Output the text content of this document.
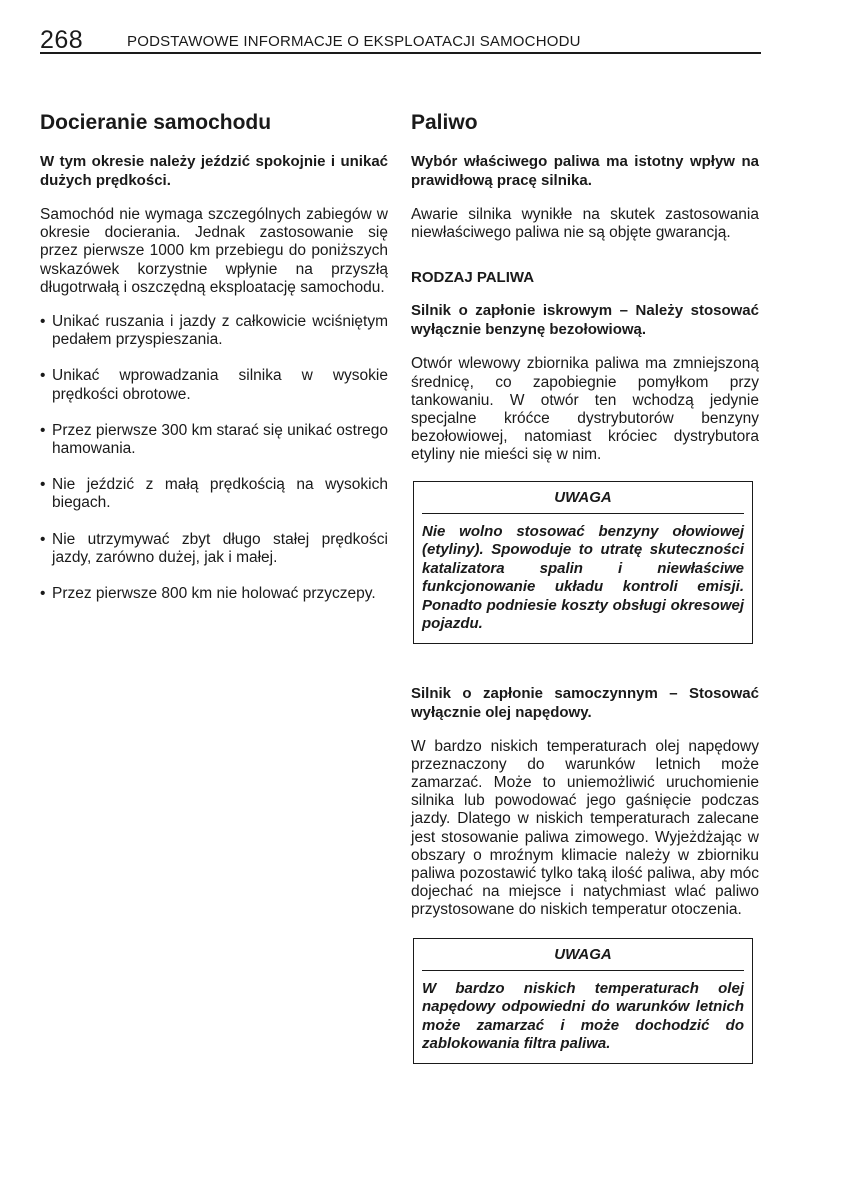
268	PODSTAWOWE INFORMACJE O EKSPLOATACJI SAMOCHODU
Docieranie samochodu

W tym okresie należy jeździć spokojnie i unikać dużych prędkości.

Samochód nie wymaga szczególnych zabiegów w okresie docierania. Jednak zastosowanie się przez pierwsze 1000 km przebiegu do poniższych wskazówek korzystnie wpłynie na przyszłą długotrwałą i oszczędną eksploatację samochodu.

• Unikać ruszania i jazdy z całkowicie wciśniętym pedałem przyspieszania.
• Unikać wprowadzania silnika w wysokie prędkości obrotowe.
• Przez pierwsze 300 km starać się unikać ostrego hamowania.
• Nie jeździć z małą prędkością na wysokich biegach.
• Nie utrzymywać zbyt długo stałej prędkości jazdy, zarówno dużej, jak i małej.
• Przez pierwsze 800 km nie holować przyczepy.
Paliwo

Wybór właściwego paliwa ma istotny wpływ na prawidłową pracę silnika.

Awarie silnika wynikłe na skutek zastosowania niewłaściwego paliwa nie są objęte gwarancją.

RODZAJ PALIWA

Silnik o zapłonie iskrowym – Należy stosować wyłącznie benzynę bezołowiową.

Otwór wlewowy zbiornika paliwa ma zmniejszoną średnicę, co zapobiegnie pomyłkom przy tankowaniu. W otwór ten wchodzą jedynie specjalne króćce dystrybutorów benzyny bezołowiowej, natomiast króciec dystrybutora etyliny nie mieści się w nim.

UWAGA
Nie wolno stosować benzyny ołowiowej (etyliny). Spowoduje to utratę skuteczności katalizatora spalin i niewłaściwe funkcjonowanie układu kontroli emisji. Ponadto podniesie koszty obsługi okresowej pojazdu.

Silnik o zapłonie samoczynnym – Stosować wyłącznie olej napędowy.

W bardzo niskich temperaturach olej napędowy przeznaczony do warunków letnich może zamarzać. Może to uniemożliwić uruchomienie silnika lub powodować jego gaśnięcie podczas jazdy. Dlatego w niskich temperaturach zalecane jest stosowanie paliwa zimowego. Wyjeżdżając w obszary o mroźnym klimacie należy w zbiorniku paliwa pozostawić tylko taką ilość paliwa, aby móc dojechać na miejsce i natychmiast wlać paliwo przystosowane do niskich temperatur otoczenia.

UWAGA
W bardzo niskich temperaturach olej napędowy odpowiedni do warunków letnich może zamarzać i może dochodzić do zablokowania filtra paliwa.
